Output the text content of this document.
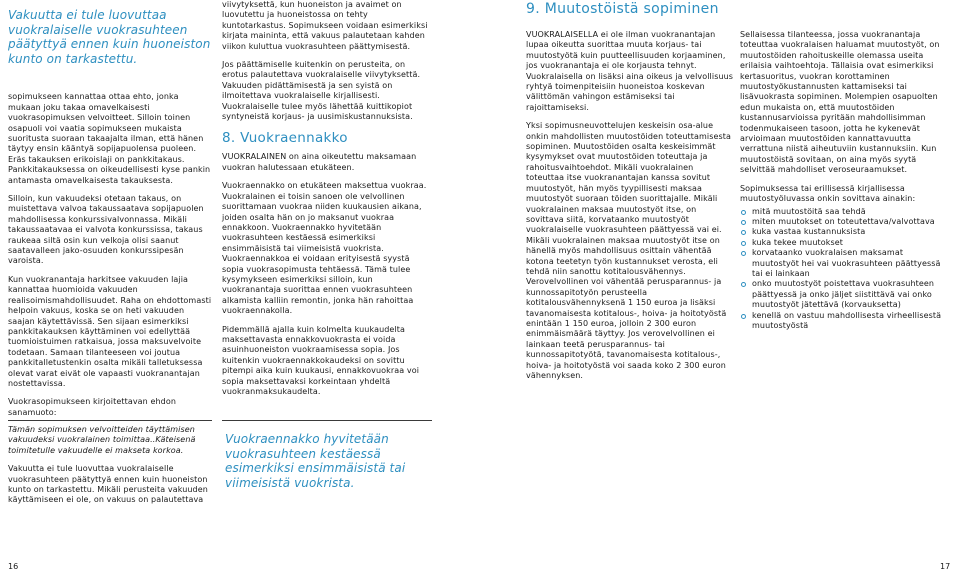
Vakuutta ei tule luovuttaa vuokralaiselle vuokrasuhteen päätyttyä ennen kuin huoneiston kunto on tarkastettu.

sopimukseen kannattaa ottaa ehto, jonka mukaan joku takaa omavelkaisesti vuokrasopimuksen velvoitteet. Silloin toinen osapuoli voi vaatia sopimukseen mukaista suoritusta suoraan takaajalta ilman, että hänen täytyy ensin kääntyä sopijapuolensa puoleen. Eräs takauksen erikoislaji on pankkitakaus. Pankkitakauksessa on oikeudellisesti kyse pankin antamasta omavelkaisesta takauksesta.

Silloin, kun vakuudeksi otetaan takaus, on muistettava valvoa takaussaatava sopijapuolen mahdollisessa konkurssivalvonnassa. Mikäli takaussaatavaa ei valvota konkurssissa, takaus raukeaa siltä osin kun velkoja olisi saanut saatavalleen jako-osuuden konkurssipesän varoista.

Kun vuokranantaja harkitsee vakuuden lajia kannattaa huomioida vakuuden realisoimismahdollisuudet. Raha on ehdottomasti helpoin vakuus, koska se on heti vakuuden saajan käytettävissä. Sen sijaan esimerkiksi pankkitakauksen käyttäminen voi edellyttää tuomioistuimen ratkaisua, jossa maksuvelvoite todetaan. Samaan tilanteeseen voi joutua pankkitalletustenkin osalta mikäli talletuksessa olevat varat eivät ole vapaasti vuokranantajan nostettavissa.

Vuokrasopimukseen kirjoitettavan ehdon sanamuoto:

Tämän sopimuksen velvoitteiden täyttämisen vakuudeksi vuokralainen toimittaa..Käteisenä toimitetulle vakuudelle ei makseta korkoa.

Vakuutta ei tule luovuttaa vuokralaiselle vuokrasuhteen päätyttyä ennen kuin huoneiston kunto on tarkastettu. Mikäli perusteita vakuuden käyttämiseen ei ole, on vakuus on palautettava

16

viivytyksettä, kun huoneiston ja avaimet on luovutettu ja huoneistossa on tehty kuntotarkastus. Sopimukseen voidaan esimerkiksi kirjata maininta, että vakuus palautetaan kahden viikon kuluttua vuokrasuhteen päättymisestä.

Jos päättämiselle kuitenkin on perusteita, on erotus palautettava vuokralaiselle viivytyksettä. Vakuuden pidättämisestä ja sen syistä on ilmoitettava vuokralaiselle kirjallisesti. Vuokralaiselle tulee myös lähettää kuittikopiot syntyneistä korjaus- ja uusimiskustannuksista.

8. Vuokraennakko

VUOKRALAINEN on aina oikeutettu maksamaan vuokran halutessaan etukäteen.

Vuokraennakko on etukäteen maksettua vuokraa. Vuokralainen ei toisin sanoen ole velvollinen suorittamaan vuokraa niiden kuukausien aikana, joiden osalta hän on jo maksanut vuokraa ennakkoon. Vuokraennakko hyvitetään vuokrasuhteen kestäessä esimerkiksi ensimmäisistä tai viimeisistä vuokrista. Vuokraennakkoa ei voidaan erityisestä syystä sopia vuokrasopimusta tehtäessä. Tämä tulee kysymykseen esimerkiksi silloin, kun vuokranantaja suorittaa ennen vuokrasuhteen alkamista kalliin remontin, jonka hän rahoittaa vuokraennakolla.

Pidemmällä ajalla kuin kolmelta kuukaudelta maksettavasta ennakkovuokrasta ei voida asuinhuoneiston vuokraamisessa sopia. Jos kuitenkin vuokraennakkokaudeksi on sovittu pitempi aika kuin kuukausi, ennakkovuokraa voi sopia maksettavaksi korkeintaan yhdeltä vuokranmaksukaudelta.

Vuokraennakko hyvitetään vuokrasuhteen kestäessä esimerkiksi ensimmäisistä tai viimeisistä vuokrista.

9. Muutostöistä sopiminen

VUOKRALAISELLA ei ole ilman vuokranantajan lupaa oikeutta suorittaa muuta korjaus- tai muutostyötä kuin puutteellisuuden korjaaminen, jos vuokranantaja ei ole korjausta tehnyt. Vuokralaisella on lisäksi aina oikeus ja velvollisuus ryhtyä toimenpiteisiin huoneistoa koskevan välittömän vahingon estämiseksi tai rajoittamiseksi.

Yksi sopimusneuvottelujen keskeisin osa-alue onkin mahdollisten muutostöiden toteuttamisesta sopiminen. Muutostöiden osalta keskeisimmät kysymykset ovat muutostöiden toteuttaja ja rahoitusvaihtoehdot. Mikäli vuokralainen toteuttaa itse vuokranantajan kanssa sovitut muutostyöt, hän myös tyypillisesti maksaa muutostyöt suoraan töiden suorittajalle. Mikäli vuokralainen maksaa muutostyöt itse, on sovittava siitä, korvataanko muutostyöt vuokralaiselle vuokrasuhteen päättyessä vai ei. Mikäli vuokralainen maksaa muutostyöt itse on hänellä myös mahdollisuus osittain vähentää kotona teetetyn työn kustannukset verosta, eli tehdä niin sanottu kotitalousvähennys. Verovelvollinen voi vähentää perusparannus- ja kunnossapitotyön perusteella kotitalousvähennyksenä 1 150 euroa ja lisäksi tavanomaisesta kotitalous-, hoiva- ja hoitotyöstä enintään 1 150 euroa, jolloin 2 300 euron enimmäismäärä täyttyy. Jos verovelvollinen ei lainkaan teetä perusparannus- tai kunnossapitotyötä, tavanomaisesta kotitalous-, hoiva- ja hoitotyöstä voi saada koko 2 300 euron vähennyksen.

Sellaisessa tilanteessa, jossa vuokranantaja toteuttaa vuokralaisen haluamat muutostyöt, on muutostöiden rahoituskeille olemassa useita erilaisia vaihtoehtoja. Tällaisia ovat esimerkiksi kertasuoritus, vuokran korottaminen muutostyökustannusten kattamiseksi tai lisävuokrasta sopiminen. Molempien osapuolten edun mukaista on, että muutostöiden kustannusarvioissa pyritään mahdollisimman todenmukaiseen tasoon, jotta he kykenevät arvioimaan muutostöiden kannattavuutta verrattuna niistä aiheutuviin kustannuksiin. Kun muutostöistä sovitaan, on aina myös syytä selvittää mahdolliset veroseuraamukset.

Sopimuksessa tai erillisessä kirjallisessa muutostyöluvassa onkin sovittava ainakin:

mitä muutostöitä saa tehdä
miten muutokset on toteutettava/valvottava
kuka vastaa kustannuksista
kuka tekee muutokset
korvataanko vuokralaisen maksamat muutostyöt hei vai vuokrasuhteen päättyessä tai ei lainkaan
onko muutostyöt poistettava vuokrasuhteen päättyessä ja onko jäljet siistittävä vai onko muutostyöt jätettävä (korvauksetta)
kenellä on vastuu mahdollisesta virheellisestä muutostyöstä
17
